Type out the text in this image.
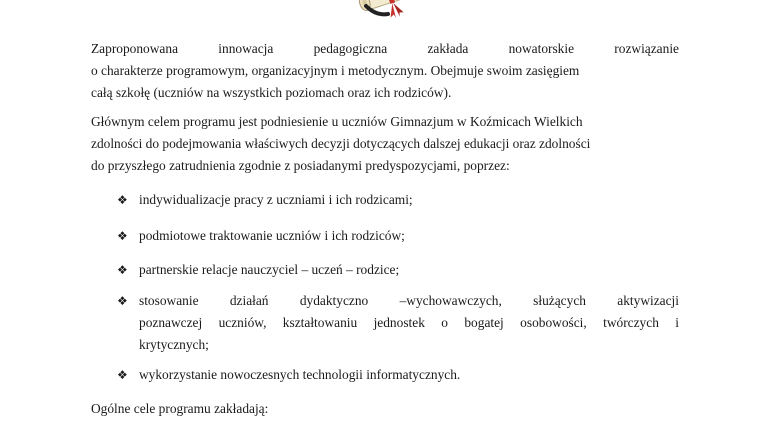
Zaproponowana innowacja pedagogiczna zakłada nowatorskie rozwiązanie
o charakterze programowym, organizacyjnym i metodycznym. Obejmuje swoim zasięgiem
całą szkołę (uczniów na wszystkich poziomach oraz ich rodziców).
Głównym celem programu jest podniesienie u uczniów Gimnazjum w Koźmicach Wielkich
zdolności do podejmowania właściwych decyzji dotyczących dalszej edukacji oraz zdolności
do przyszłego zatrudnienia zgodnie z posiadanymi predyspozycjami, poprzez:
❖ indywidualizacje pracy z uczniami i ich rodzicami;
❖ podmiotowe traktowanie uczniów i ich rodziców;
❖ partnerskie relacje nauczyciel – uczeń – rodzice;
❖ stosowanie działań dydaktyczno –wychowawczych, służących aktywizacji
poznawczej uczniów, kształtowaniu jednostek o bogatej osobowości, twórczych i
krytycznych;
❖ wykorzystanie nowoczesnych technologii informatycznych.
Ogólne cele programu zakładają:
